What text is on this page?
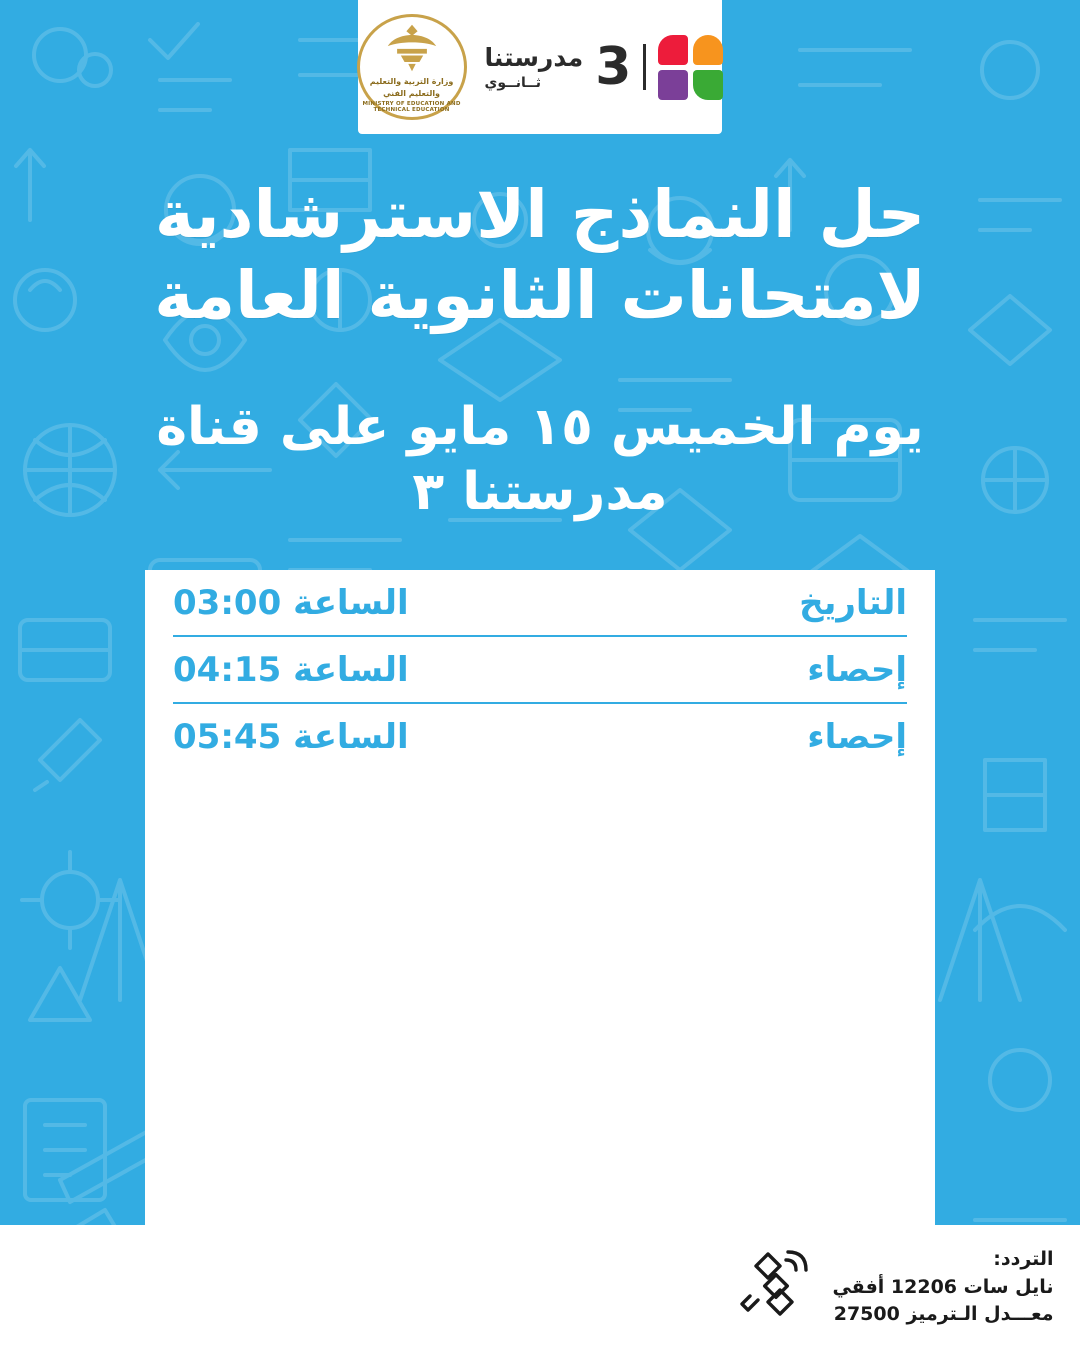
3
مدرستنا
ثــانــوي
وزارة التربية والتعليم
والتعليم الفني
MINISTRY OF EDUCATION AND TECHNICAL EDUCATION
حل النماذج الاسترشادية لامتحانات الثانوية العامة
يوم الخميس ١٥ مايو على قناة مدرستنا ٣
التاريخ
الساعة 03:00
إحصاء
الساعة 04:15
إحصاء
الساعة 05:45
التردد:
نايل سات 12206 أفقي
معـــدل الـترميز 27500
